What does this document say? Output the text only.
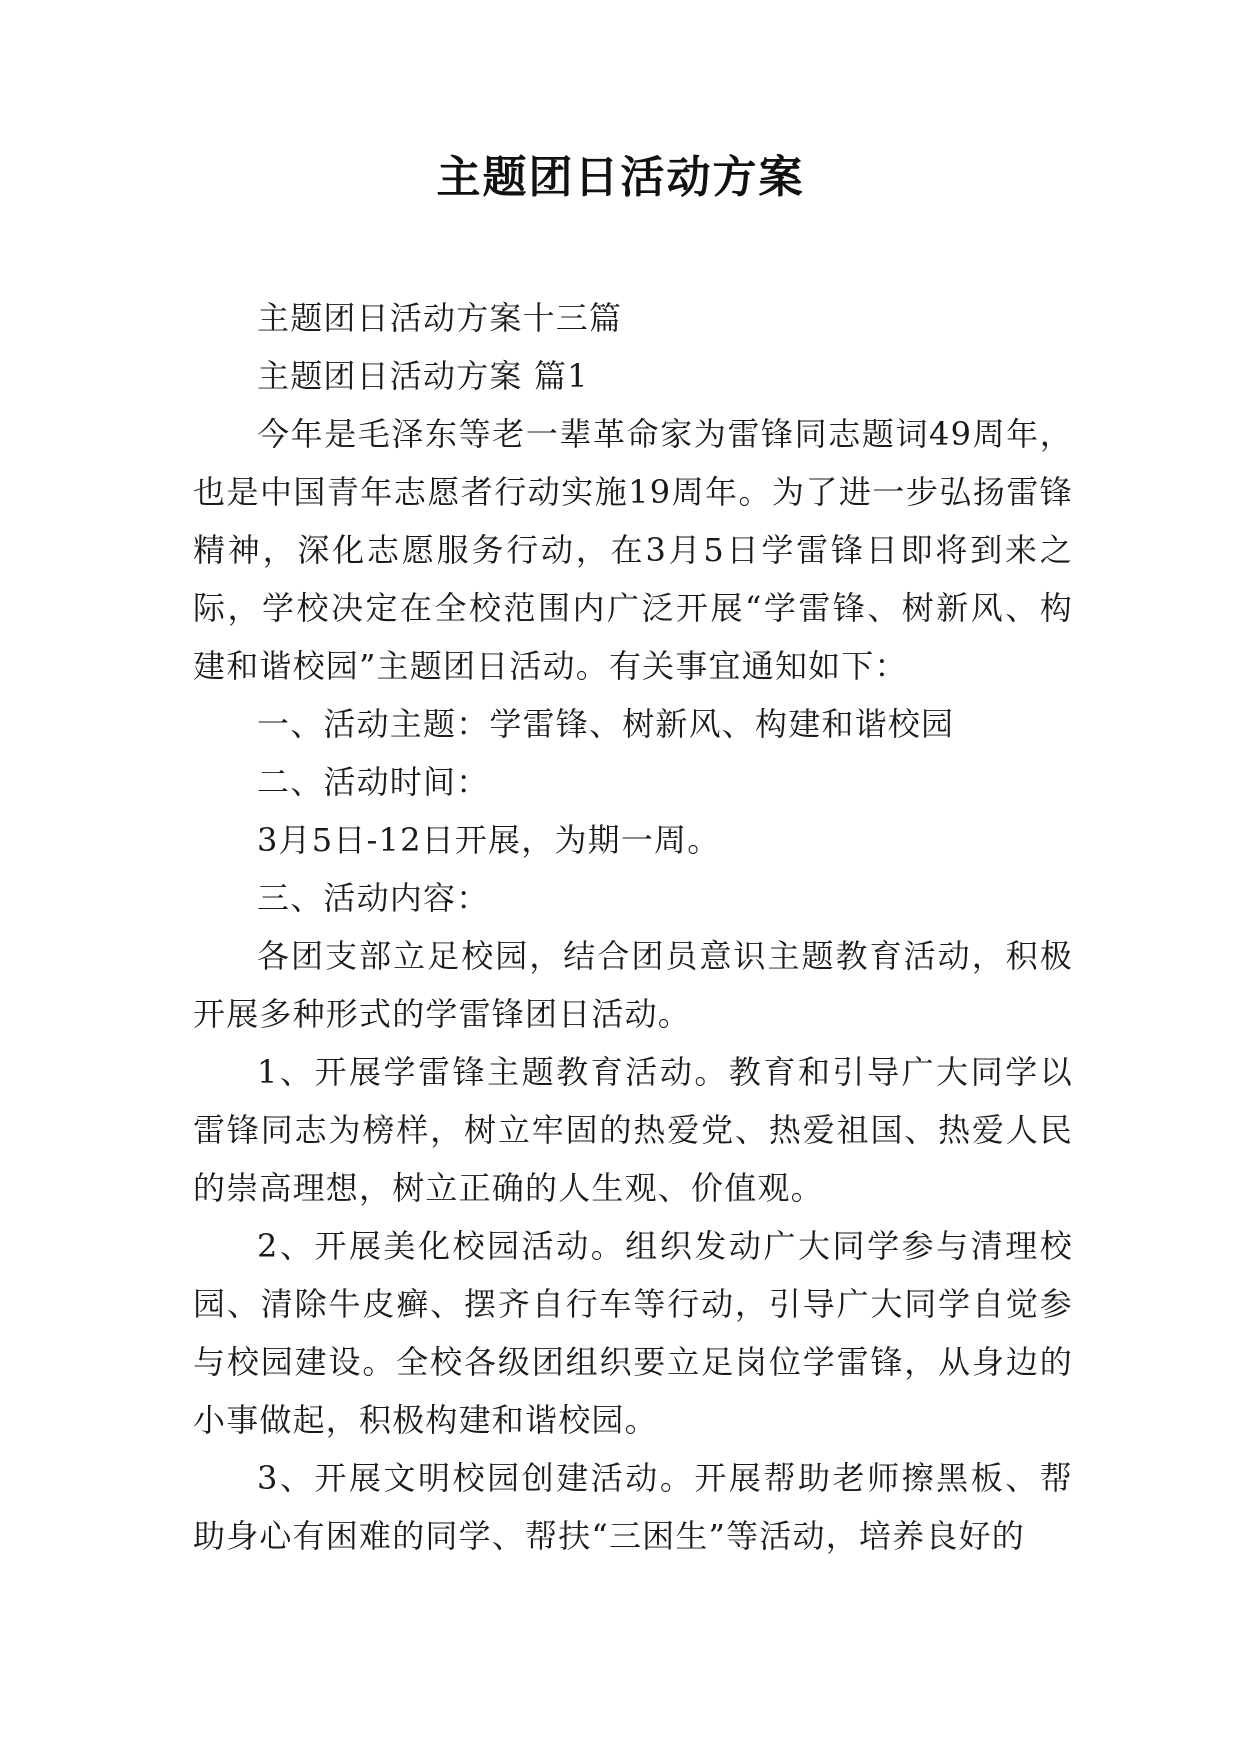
主题团日活动方案

主题团日活动方案十三篇

主题团日活动方案 篇1

今年是毛泽东等老一辈革命家为雷锋同志题词49周年，也是中国青年志愿者行动实施19周年。为了进一步弘扬雷锋精神，深化志愿服务行动，在3月5日学雷锋日即将到来之际，学校决定在全校范围内广泛开展“学雷锋、树新风、构建和谐校园”主题团日活动。有关事宜通知如下：

一、活动主题：学雷锋、树新风、构建和谐校园

二、活动时间：

3月5日-12日开展，为期一周。

三、活动内容：

各团支部立足校园，结合团员意识主题教育活动，积极开展多种形式的学雷锋团日活动。

1、开展学雷锋主题教育活动。教育和引导广大同学以雷锋同志为榜样，树立牢固的热爱党、热爱祖国、热爱人民的崇高理想，树立正确的人生观、价值观。

2、开展美化校园活动。组织发动广大同学参与清理校园、清除牛皮癣、摆齐自行车等行动，引导广大同学自觉参与校园建设。全校各级团组织要立足岗位学雷锋，从身边的小事做起，积极构建和谐校园。

3、开展文明校园创建活动。开展帮助老师擦黑板、帮助身心有困难的同学、帮扶“三困生”等活动，培养良好的
